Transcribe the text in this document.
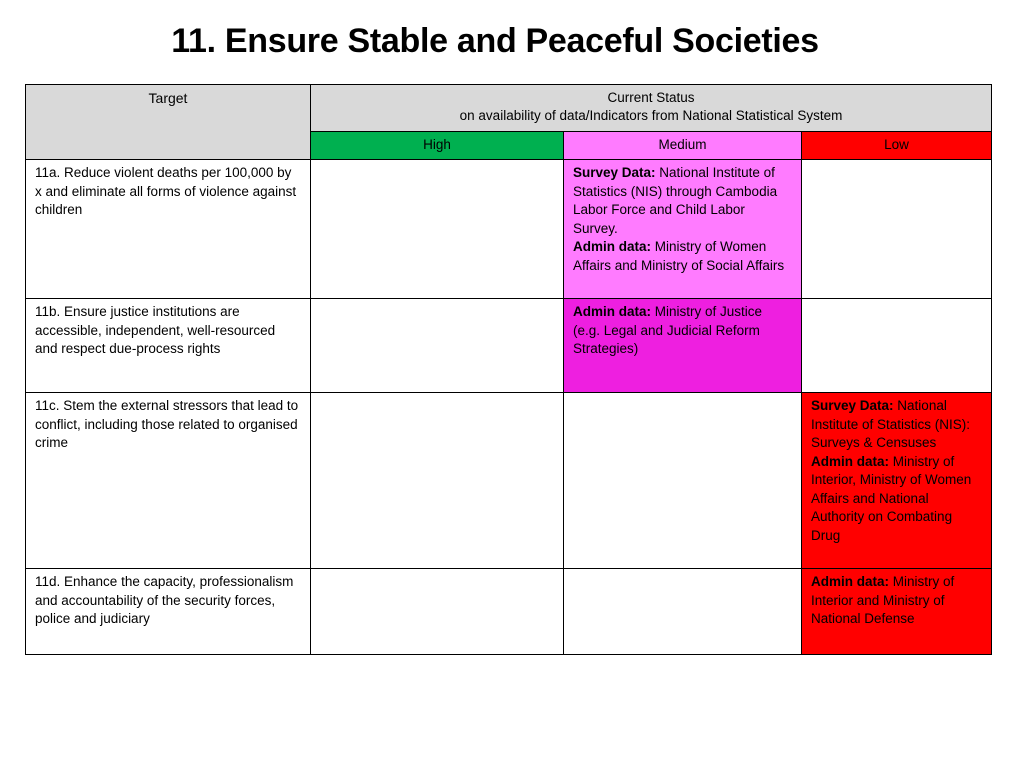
11. Ensure Stable and Peaceful Societies
Target	Current Status
on availability of data/Indicators from National Statistical System		

	High	Medium	Low
11a. Reduce violent deaths per 100,000 by x and eliminate all forms of violence against children		Survey Data: National Institute of Statistics (NIS) through Cambodia Labor Force and Child Labor Survey.
Admin data: Ministry of Women Affairs and Ministry of Social Affairs	
11b. Ensure justice institutions are accessible, independent, well-resourced and respect due-process rights		Admin data: Ministry of Justice (e.g. Legal and Judicial Reform Strategies)	
11c. Stem the external stressors that lead to conflict, including those related to organised crime			Survey Data: National Institute of Statistics (NIS): Surveys & Censuses
Admin data: Ministry of Interior, Ministry of Women Affairs and National Authority on Combating Drug
11d. Enhance the capacity, professionalism and accountability of the security forces, police and judiciary			Admin data: Ministry of Interior and Ministry of National Defense
